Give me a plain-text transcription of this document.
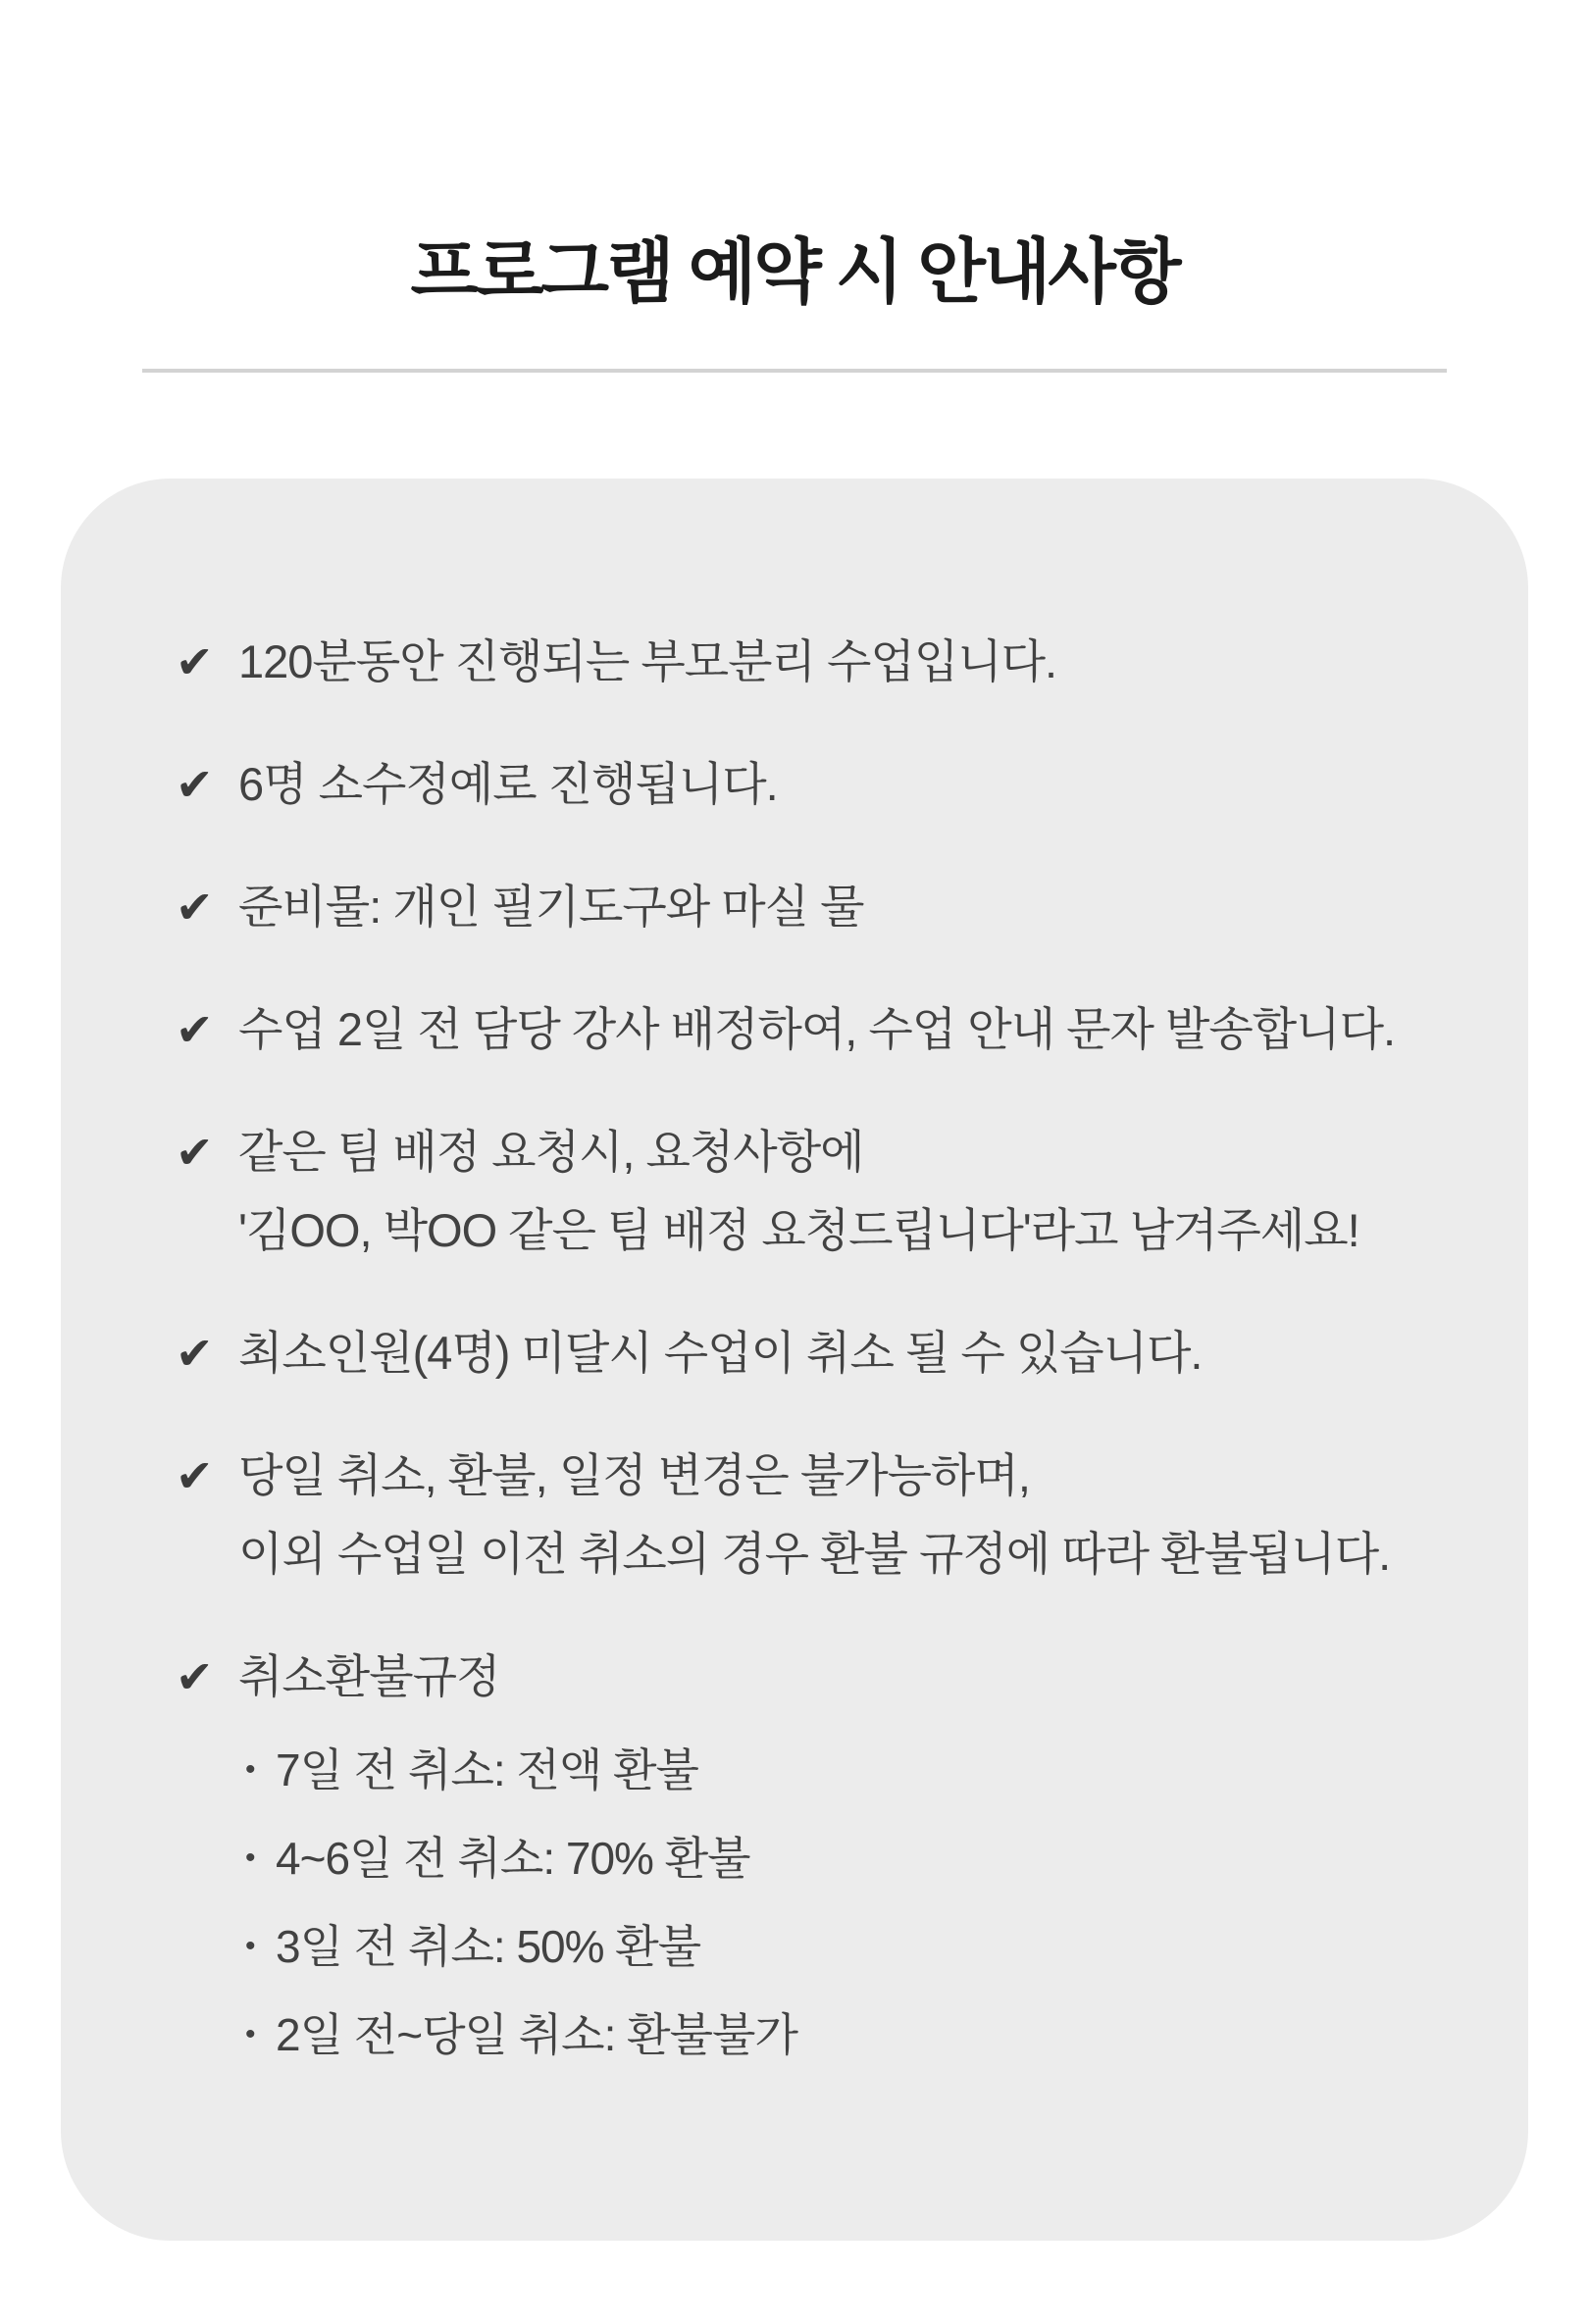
프로그램 예약 시 안내사항
✔ 120분동안 진행되는 부모분리 수업입니다.
✔ 6명 소수정예로 진행됩니다.
✔ 준비물: 개인 필기도구와 마실 물
✔ 수업 2일 전 담당 강사 배정하여, 수업 안내 문자 발송합니다.
✔ 같은 팀 배정 요청시, 요청사항에
'김OO, 박OO 같은 팀 배정 요청드립니다'라고 남겨주세요!
✔ 최소인원(4명) 미달시 수업이 취소 될 수 있습니다.
✔ 당일 취소, 환불, 일정 변경은 불가능하며,
이외 수업일 이전 취소의 경우 환불 규정에 따라 환불됩니다.
✔ 취소환불규정
• 7일 전 취소: 전액 환불
• 4~6일 전 취소: 70% 환불
• 3일 전 취소: 50% 환불
• 2일 전~당일 취소: 환불불가
